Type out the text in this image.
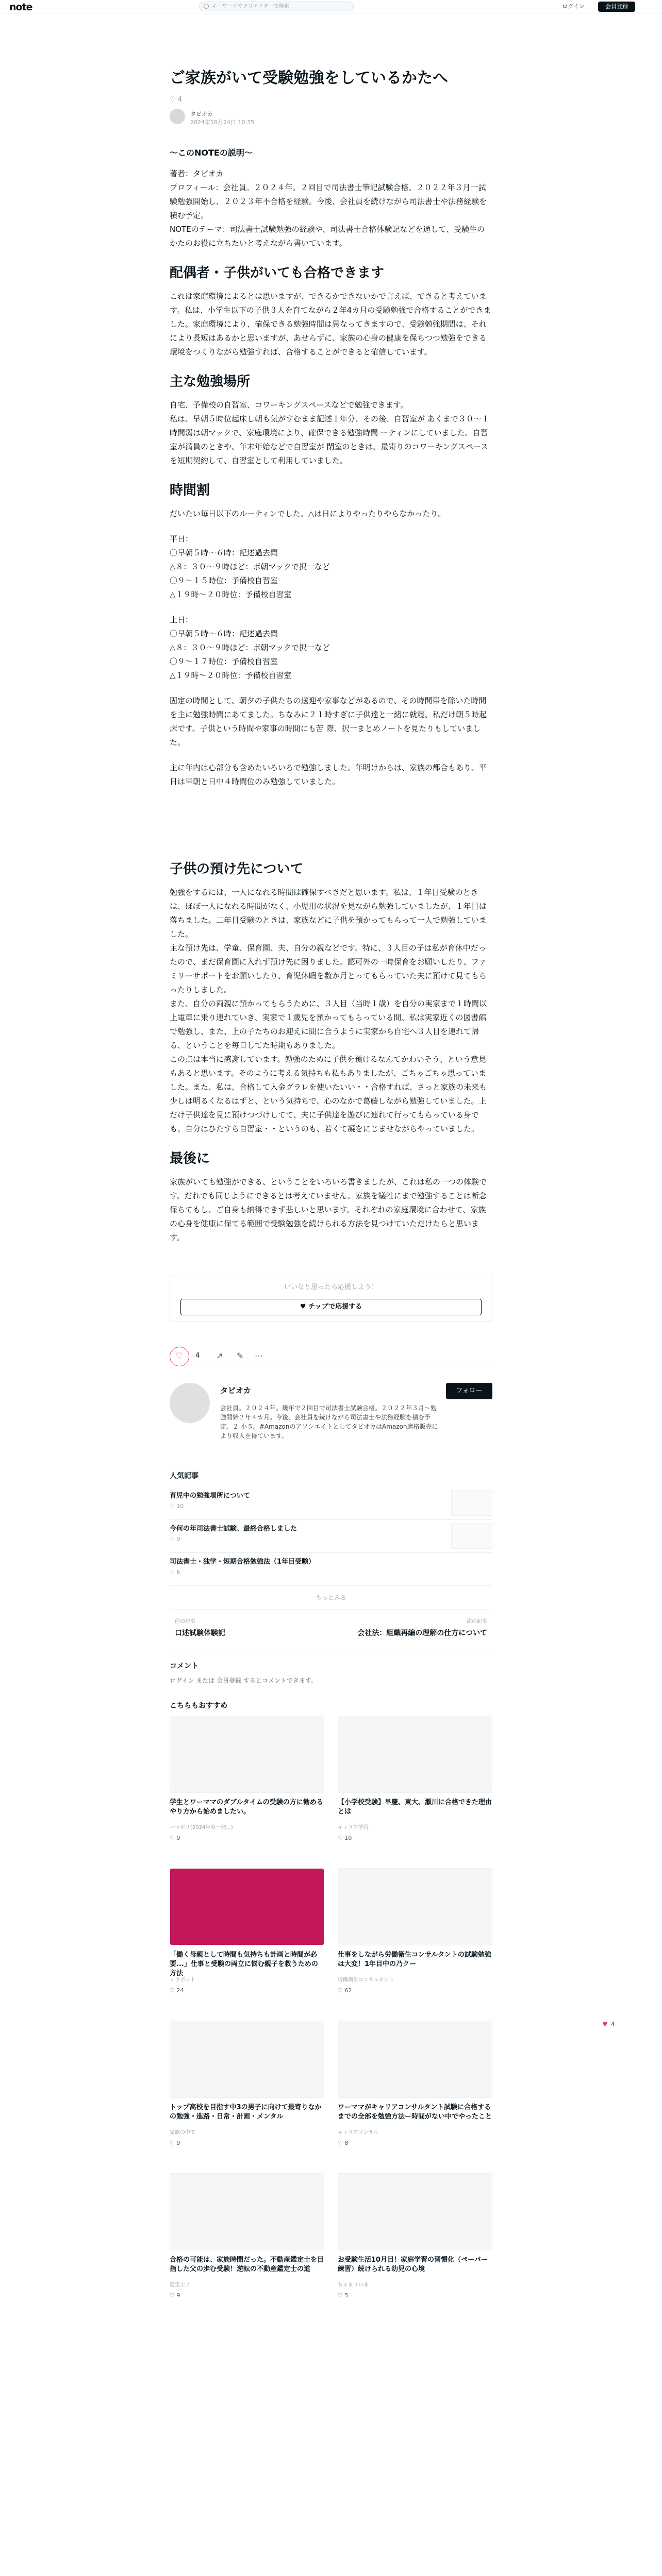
note	キーワードやクリエイターで検索	ログイン	会員登録
ご家族がいて受験勉強をしているかたへ
♡ 4
タビオカ
2024年10月24日 10:35
〜このNOTEの説明〜

著者：タビオカ
プロフィール：会社員。２０２４年。２回目で司法書士筆記試験合格。２０２２年３月一試験勉強開始し、２０２３年不合格を経験。今後、会社員を続けながら司法書士や法務経験を積む予定。
NOTEのテーマ：司法書士試験勉強の経験や、司法書士合格体験記などを通して、受験生のかたのお役に立ちたいと考えながら書いています。

配偶者・子供がいても合格できます

これは家庭環境によるとは思いますが、できるかできないかで言えば、できると考えています。私は、小学生以下の子供３人を育てながら２年4カ月の受験勉強で合格することができました。家庭環境により、確保できる勉強時間は異なってきますので、受験勉強期間は、それにより長短はあるかと思いますが、あせらずに、家族の心身の健康を保ちつつ勉強をできる環境をつくりながら勉強すれば、合格することができると確信しています。

主な勉強場所

自宅、予備校の自習室、コワーキングスペースなどで勉強できます。
私は、早朝５時位起床し朝も気がすむまま記述１年分、その後、自習室が あくまで３０〜１時間弱は朝マックで、家庭環境により、確保できる勉強時間 ーティンにしていました。自習室が満員のときや、年末年始などで自習室が 閉室のときは、最寄りのコワーキングスペースを短期契約して、自習室として利用していました。

時間割

だいたい毎日以下のルーティンでした。△は日によりやったりやらなかったり。

平日：
〇早朝５時〜６時：記述過去問
△８：３０〜９時ほど：ボ朝マックで択一など
〇９〜１５時位：予備校自習室
△１９時〜２０時位：予備校自習室

土日：
〇早朝５時〜６時：記述過去問
△８：３０〜９時ほど：ボ朝マックで択一など
〇９〜１７時位：予備校自習室
△１９時〜２０時位：予備校自習室

固定の時間として、朝夕の子供たちの送迎や家事などがあるので、その時間帯を除いた時間を主に勉強時間にあてました。ちなみに２１時すぎに子供達と一緒に就寝、私だけ朝５時起床です。子供という時間や家事の時間にも苦 際、択一まとめノートを見たりもしていました。

主に年内は心部分も含めたいろいろで勉強しました。年明けからは、家族の都合もあり、平日は早朝と日中４時間位のみ勉強していました。

子供の預け先について

勉強をするには、一人になれる時間は確保すべきだと思います。私は、１年目受験のときは、ほぼ一人になれる時間がなく、小児用の状況を見ながら勉強していましたが、１年目は落ちました。二年目受験のときは、家族などに子供を預かってもらって一人で勉強していました。
主な預け先は、学童、保育園、夫、自分の親などです。特に、３人目の子は私が育休中だったので、まだ保育園に入れず預け先に困りました。認可外の一時保育をお願いしたり、ファミリーサポートをお願いしたり、育児休暇を数か月とってもらっていた夫に預けて見てもらったりしました。
また、自分の両親に預かってもらうために、３人目（当時１歳）を自分の実家まで１時間以上電車に乗り連れていき、実家で１歳児を預かってもらっている間、私は実家近くの図書館で勉強し、また、上の子たちのお迎えに間に合うように実家から自宅へ３人目を連れて帰る、ということを毎日してた時期もありました。
この点は本当に感謝しています。勉強のために子供を預けるなんてかわいそう、という意見もあると思います。そのように考える気持ちも私もありましたが、ごちゃごちゃ思っていました。また、私は、合格して入金グラレを使いたいい・・合格すれば、さっと家族の未来も少しは明るくなるはずと、という気持ちで、心のなかで葛藤しながら勉強していました。上だけ子供達を見に預けつづけしてて、夫に子供達を遊びに連れて行ってもらっている身でも、自分はひたすら自習室・・というのも、若くて凝をにじませながらやっていました。

最後に

家族がいても勉強ができる、ということをいろいろ書きましたが、これは私の一つの体験です。だれでも同じようにできるとは考えていません。家族を犠牲にまで勉強することは断念保ちてもし、ご自身も納得できず悲しいと思います。それぞれの家庭環境に合わせて、家族の心身を健康に保てる範囲で受験勉強を続けられる方法を見つけていただけたらと思います。

いいなと思ったら応援しよう！
♥ チップで応援する
♡	4 ↗ ✎ ⋯
タビオカ	フォロー
会社員。２０２４年。幾年で２回目で司法書士試験合格。２０２２年３月〜勉強開始２年４カ月。今後、会社員を続けながら司法書士や法務経験を積む予定。２ 小５。#AmazonのアソシエイトとしてタピオカはAmazon適格販売により収入を得ています。
人気記事
育児中の勉強場所について
♡ 10
今何の年司法書士試験、最終合格しました
♡ 9
司法書士・独学・短期合格勉強法（1年目受験）
♡ 6
もっとみる
前の記事
口述試験体験記
次の記事
会社法：組織再編の理解の仕方について
コメント
ログイン または 会員登録 するとコメントできます。
こちらもおすすめ
学生とワーママのダブルタイムの受験の方に勧めるやり方から始めましたい。
ハマポリ(2024年度一発...)
♡ 9
【小学校受験】早慶、東大、瀬川に合格できた理由とは
キャリア学習
♡ 10
「働く母親として時間も気持ちも計画と時間が必要...」仕事と受験の両立に悩む親子を救うための方法
ミラボット
♡ 24
仕事をしながら労働衛生コンサルタントの試験勉強は大変！1年目中の乃クー
労働衛生コンサルタント
♡ 62
トップ高校を目指す中3の男子に向けて最寄りなかの勉強・進路・日常・計画・メンタル
家族の中で
♡ 9
ワーママがキャリアコンサルタント試験に合格するまでの全部を勉強方法ー時間がない中でやったこと
キャリアコンサル
♡ 8
合格の可能は、家族時間だった。不動産鑑定士を目指した父の歩む受験！逆転の不動産鑑定士の道
鑑定士ノ
♡ 9
お受験生活10月目！家庭学習の習慣化（ペーパー練習）続けられる幼児の心境
ちゃまりいま
♡ 5
♥ 4
